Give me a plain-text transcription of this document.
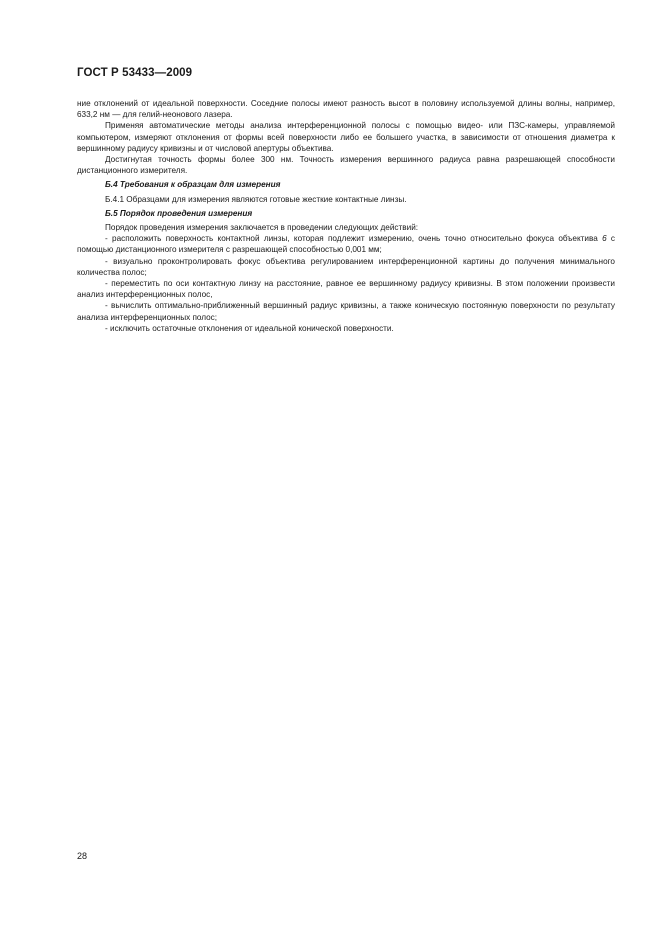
ГОСТ Р 53433—2009

ние отклонений от идеальной поверхности. Соседние полосы имеют разность высот в половину используемой длины волны, например, 633,2 нм — для гелий-неонового лазера.

Применяя автоматические методы анализа интерференционной полосы с помощью видео- или ПЗС-камеры, управляемой компьютером, измеряют отклонения от формы всей поверхности либо ее большего участка, в зависимости от отношения диаметра к вершинному радиусу кривизны и от числовой апертуры объектива.

Достигнутая точность формы более 300 нм. Точность измерения вершинного радиуса равна разрешающей способности дистанционного измерителя.

Б.4 Требования к образцам для измерения

Б.4.1 Образцами для измерения являются готовые жесткие контактные линзы.

Б.5 Порядок проведения измерения

Порядок проведения измерения заключается в проведении следующих действий:

- расположить поверхность контактной линзы, которая подлежит измерению, очень точно относительно фокуса объектива 6 с помощью дистанционного измерителя с разрешающей способностью 0,001 мм;

- визуально проконтролировать фокус объектива регулированием интерференционной картины до получения минимального количества полос;

- переместить по оси контактную линзу на расстояние, равное ее вершинному радиусу кривизны. В этом положении произвести анализ интерференционных полос,

- вычислить оптимально-приближенный вершинный радиус кривизны, а также коническую постоянную поверхности по результату анализа интерференционных полос;

- исключить остаточные отклонения от идеальной конической поверхности.

28
